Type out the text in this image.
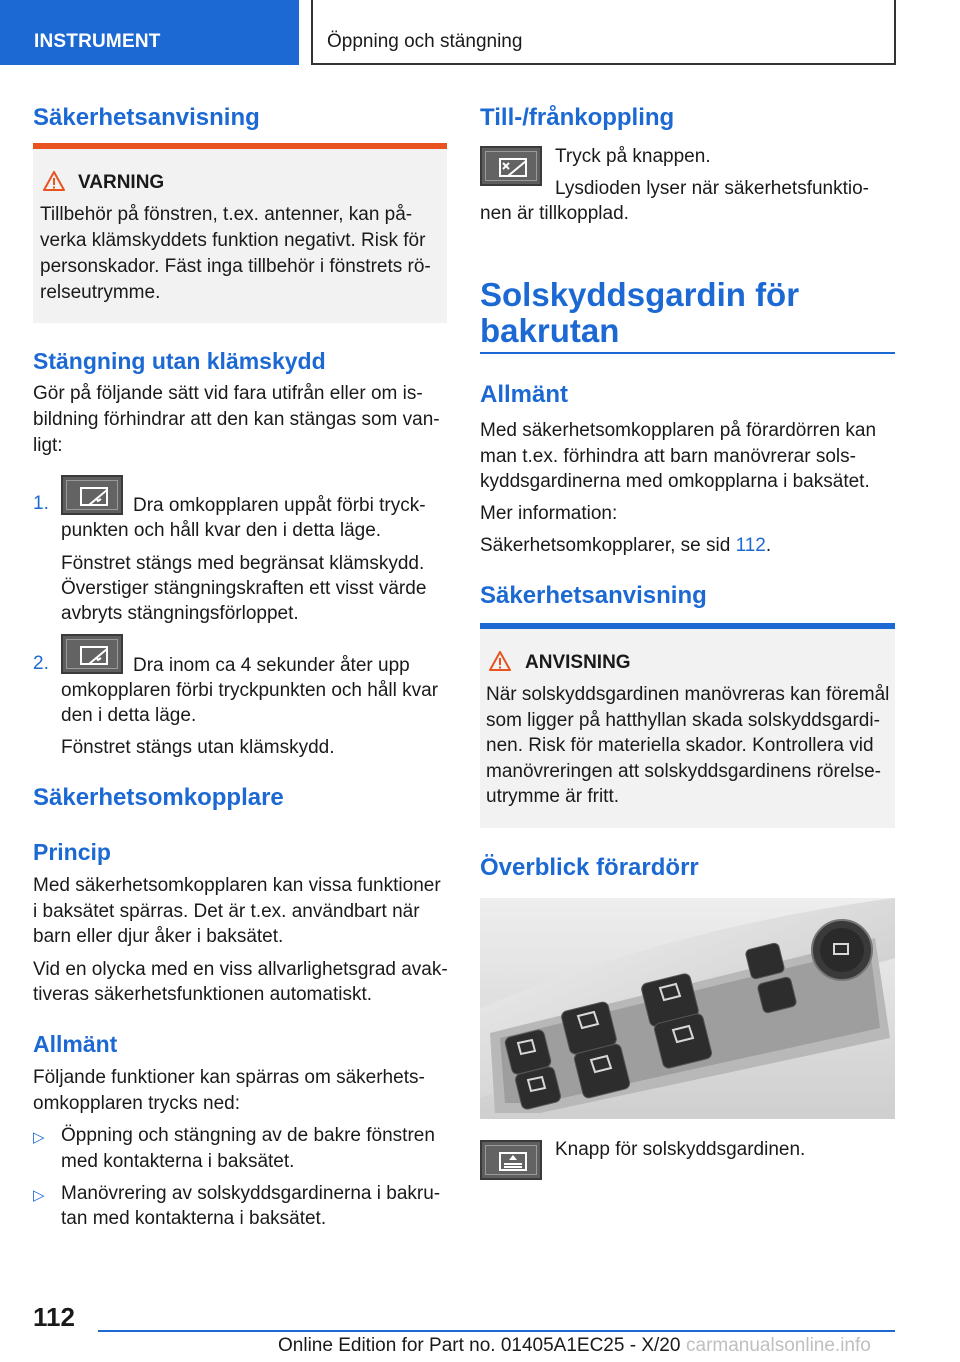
INSTRUMENT	Öppning och stängning
Säkerhetsanvisning
VARNING
Tillbehör på fönstren, t.ex. antenner, kan på-
verka klämskyddets funktion negativt. Risk för
personskador. Fäst inga tillbehör i fönstrets rö-
relseutrymme.
Stängning utan klämskydd
Gör på följande sätt vid fara utifrån eller om is-
bildning förhindrar att den kan stängas som van-
ligt:
1.	Dra omkopplaren uppåt förbi tryck-
punkten och håll kvar den i detta läge.
Fönstret stängs med begränsat klämskydd.
Överstiger stängningskraften ett visst värde
avbryts stängningsförloppet.
2.	Dra inom ca 4 sekunder åter upp
omkopplaren förbi tryckpunkten och håll kvar
den i detta läge.
Fönstret stängs utan klämskydd.
Säkerhetsomkopplare
Princip
Med säkerhetsomkopplaren kan vissa funktioner
i baksätet spärras. Det är t.ex. användbart när
barn eller djur åker i baksätet.
Vid en olycka med en viss allvarlighetsgrad avak-
tiveras säkerhetsfunktionen automatiskt.
Allmänt
Följande funktioner kan spärras om säkerhets-
omkopplaren trycks ned:
▷ Öppning och stängning av de bakre fönstren
med kontakterna i baksätet.
▷ Manövrering av solskyddsgardinerna i bakru-
tan med kontakterna i baksätet.
Till-/frånkoppling
Tryck på knappen.
Lysdioden lyser när säkerhetsfunktio-
nen är tillkopplad.
Solskyddsgardin för
bakrutan
Allmänt
Med säkerhetsomkopplaren på förardörren kan
man t.ex. förhindra att barn manövrerar sols-
kyddsgardinerna med omkopplarna i baksätet.
Mer information:
Säkerhetsomkopplarer, se sid 112.
Säkerhetsanvisning
ANVISNING
När solskyddsgardinen manövreras kan föremål
som ligger på hatthyllan skada solskyddsgardi-
nen. Risk för materiella skador. Kontrollera vid
manövreringen att solskyddsgardinens rörelse-
utrymme är fritt.
Överblick förardörr
Knapp för solskyddsgardinen.
112
Online Edition for Part no. 01405A1EC25 - X/20 carmanualsonline.info
